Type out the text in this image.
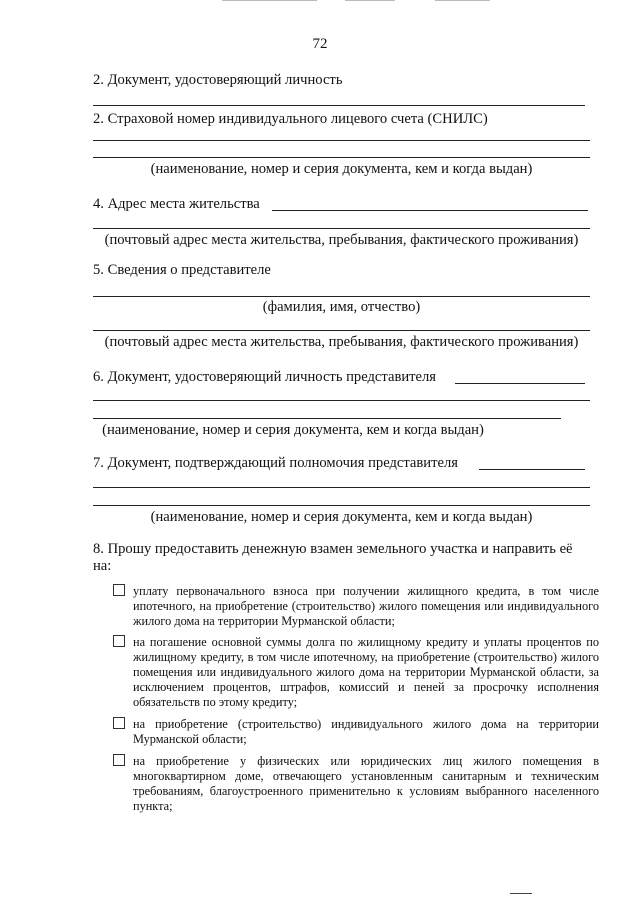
72
2. Документ, удостоверяющий личность
2. Страховой номер индивидуального лицевого счета (СНИЛС)
(наименование, номер и серия документа, кем и когда выдан)
4. Адрес места жительства
(почтовый адрес места жительства, пребывания, фактического проживания)
5. Сведения о представителе
(фамилия, имя, отчество)
(почтовый адрес места жительства, пребывания, фактического проживания)
6. Документ, удостоверяющий личность представителя
(наименование, номер и серия документа, кем и когда выдан)
7. Документ, подтверждающий полномочия представителя
(наименование, номер и серия документа, кем и когда выдан)
8. Прошу предоставить денежную взамен земельного участка и направить её на:
уплату первоначального взноса при получении жилищного кредита, в том числе ипотечного, на приобретение (строительство) жилого помещения или индивидуального жилого дома на территории Мурманской области;
на погашение основной суммы долга по жилищному кредиту и уплаты процентов по жилищному кредиту, в том числе ипотечному, на приобретение (строительство) жилого помещения или индивидуального жилого дома на территории Мурманской области, за исключением процентов, штрафов, комиссий и пеней за просрочку исполнения обязательств по этому кредиту;
на приобретение (строительство) индивидуального жилого дома на территории Мурманской области;
на приобретение у физических или юридических лиц жилого помещения в многоквартирном доме, отвечающего установленным санитарным и техническим требованиям, благоустроенного применительно к условиям выбранного населенного пункта;
